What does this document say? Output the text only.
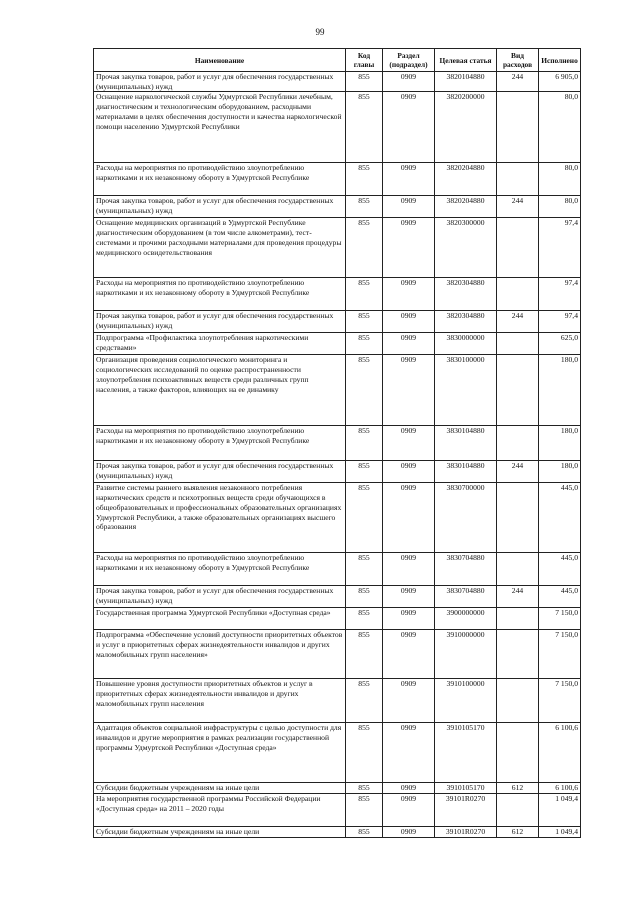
99
Наименование	Код главы	Раздел (подраздел)	Целевая статья	Вид расходов	Исполнено
Прочая закупка товаров, работ и услуг для обеспечения государственных (муниципальных) нужд	855	0909	3820104880	244	6 905,0
Оснащение наркологической службы Удмуртской Республики лечебным, диагностическим и технологическим оборудованием, расходными материалами в целях обеспечения доступности и качества наркологической помощи населению Удмуртской Республики	855	0909	3820200000		80,0
Расходы на мероприятия по противодействию злоупотреблению наркотиками и их незаконному обороту в Удмуртской Республике	855	0909	3820204880		80,0
Прочая закупка товаров, работ и услуг для обеспечения государственных (муниципальных) нужд	855	0909	3820204880	244	80,0
Оснащение медицинских организаций в Удмуртской Республике диагностическим оборудованием (в том числе алкометрами), тест-системами и прочими расходными материалами для проведения процедуры медицинского освидетельствования	855	0909	3820300000		97,4
Расходы на мероприятия по противодействию злоупотреблению наркотиками и их незаконному обороту в Удмуртской Республике	855	0909	3820304880		97,4
Прочая закупка товаров, работ и услуг для обеспечения государственных (муниципальных) нужд	855	0909	3820304880	244	97,4
Подпрограмма «Профилактика злоупотребления наркотическими средствами»	855	0909	3830000000		625,0
Организация проведения социологического мониторинга и социологических исследований по оценке распространенности злоупотребления психоактивных веществ среди различных групп населения, а также факторов, влияющих на ее динамику	855	0909	3830100000		180,0
Расходы на мероприятия по противодействию злоупотреблению наркотиками и их незаконному обороту в Удмуртской Республике	855	0909	3830104880		180,0
Прочая закупка товаров, работ и услуг для обеспечения государственных (муниципальных) нужд	855	0909	3830104880	244	180,0
Развитие системы раннего выявления незаконного потребления наркотических средств и психотропных веществ среди обучающихся в общеобразовательных и профессиональных образовательных организациях Удмуртской Республики, а также образовательных организациях высшего образования	855	0909	3830700000		445,0
Расходы на мероприятия по противодействию злоупотреблению наркотиками и их незаконному обороту в Удмуртской Республике	855	0909	3830704880		445,0
Прочая закупка товаров, работ и услуг для обеспечения государственных (муниципальных) нужд	855	0909	3830704880	244	445,0
Государственная программа Удмуртской Республики «Доступная среда»	855	0909	3900000000		7 150,0
Подпрограмма «Обеспечение условий доступности приоритетных объектов и услуг в приоритетных сферах жизнедеятельности инвалидов и других маломобильных групп населения»	855	0909	3910000000		7 150,0
Повышение уровня доступности приоритетных объектов и услуг в приоритетных сферах жизнедеятельности инвалидов и других маломобильных групп населения	855	0909	3910100000		7 150,0
Адаптация объектов социальной инфраструктуры с целью доступности для инвалидов и другие мероприятия в рамках реализации государственной программы Удмуртской Республики «Доступная среда»	855	0909	3910105170		6 100,6
Субсидии бюджетным учреждениям на иные цели	855	0909	3910105170	612	6 100,6
На мероприятия государственной программы Российской Федерации «Доступная среда» на 2011 – 2020 годы	855	0909	39101R0270		1 049,4
Субсидии бюджетным учреждениям на иные цели	855	0909	39101R0270	612	1 049,4
